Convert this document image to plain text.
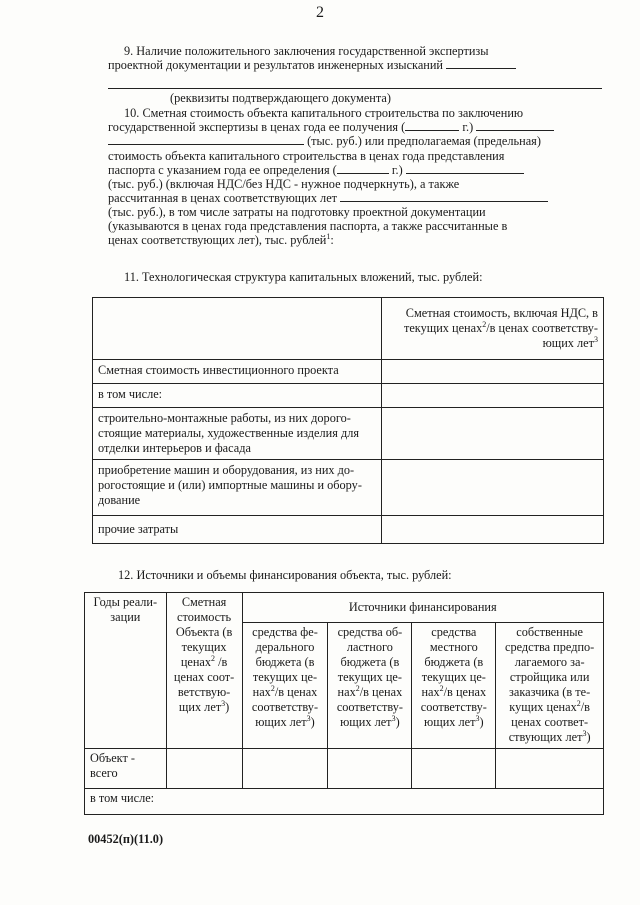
2
9. Наличие положительного заключения государственной экспертизы
проектной документации и результатов инженерных изысканий
(реквизиты подтверждающего документа)
10. Сметная стоимость объекта капитального строительства по заключению
государственной экспертизы в ценах года ее получения (	г.)
(тыс. руб.) или предполагаемая (предельная)
стоимость объекта капитального строительства в ценах года представления
паспорта с указанием года ее определения (	г.)
(тыс. руб.) (включая НДС/без НДС - нужное подчеркнуть), а также
рассчитанная в ценах соответствующих лет
(тыс. руб.), в том числе затраты на подготовку проектной документации
(указываются в ценах года представления паспорта, а также рассчитанные в
ценах соответствующих лет), тыс. рублей$^1$:
11. Технологическая структура капитальных вложений, тыс. рублей:
	Сметная стоимость, включая НДС, в текущих ценах$^2$/в ценах соответству-ющих лет$^3$
Сметная стоимость инвестиционного проекта	
в том числе:	
строительно-монтажные работы, из них дорого-стоящие материалы, художественные изделия для отделки интерьеров и фасада	
приобретение машин и оборудования, из них до-рогостоящие и (или) импортные машины и обору-дование	
прочие затраты	
12. Источники и объемы финансирования объекта, тыс. рублей:
Годы реали-зации	Сметная стоимость Объекта (в текущих ценах$^2$ /в ценах соот-ветствую-щих лет$^3$)	Источники финансирования			
		средства фе-дерального бюджета (в текущих це-нах$^2$/в ценах соответству-ющих лет$^3$)	средства об-ластного бюджета (в текущих це-нах$^2$/в ценах соответству-ющих лет$^3$)	средства местного бюджета (в текущих це-нах$^2$/в ценах соответству-ющих лет$^3$)	собственные средства предпо-лагаемого за-стройщика или заказчика (в те-кущих ценах$^2$/в ценах соответ-ствующих лет$^3$)
Объект - всего					
в том числе:					
00452(п)(11.0)
